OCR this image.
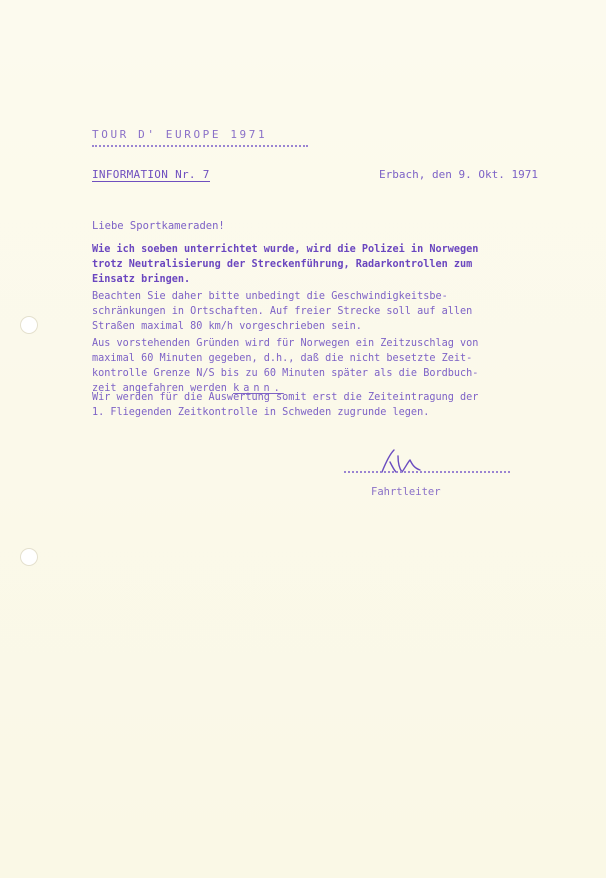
TOUR D' EUROPE 1971
INFORMATION Nr. 7	Erbach, den 9. Okt. 1971
Liebe Sportkameraden!
Wie ich soeben unterrichtet wurde, wird die Polizei in Norwegen
trotz Neutralisierung der Streckenführung, Radarkontrollen zum
Einsatz bringen.
Beachten Sie daher bitte unbedingt die Geschwindigkeitsbe-
schränkungen in Ortschaften. Auf freier Strecke soll auf allen
Straßen maximal 80 km/h vorgeschrieben sein.
Aus vorstehenden Gründen wird für Norwegen ein Zeitzuschlag von
maximal 60 Minuten gegeben, d.h., daß die nicht besetzte Zeit-
kontrolle Grenze N/S bis zu 60 Minuten später als die Bordbuch-
zeit angefahren werden kann.
Wir werden für die Auswertung somit erst die Zeiteintragung der
1. Fliegenden Zeitkontrolle in Schweden zugrunde legen.
Fahrtleiter
